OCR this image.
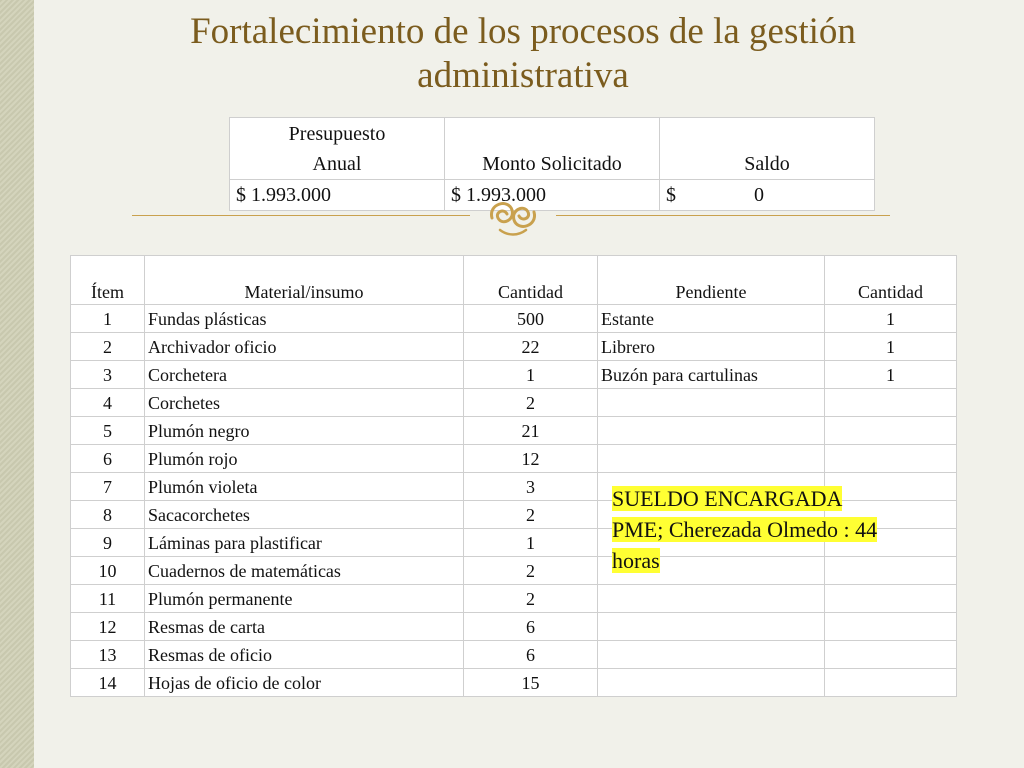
Fortalecimiento de los procesos de la gestión
administrativa
Presupuesto
Anual	Monto Solicitado	Saldo
$ 1.993.000	$ 1.993.000	$ 0
Ítem	Material/insumo	Cantidad	Pendiente	Cantidad
1	Fundas plásticas	500	Estante	1
2	Archivador oficio	22	Librero	1
3	Corchetera	1	Buzón para cartulinas	1
4	Corchetes	2		
5	Plumón negro	21		
6	Plumón rojo	12		
7	Plumón violeta	3		
8	Sacacorchetes	2		
9	Láminas para plastificar	1		
10	Cuadernos de matemáticas	2		
11	Plumón permanente	2		
12	Resmas de carta	6		
13	Resmas de oficio	6		
14	Hojas de oficio de color	15		
SUELDO ENCARGADA
PME; Cherezada Olmedo : 44
horas
